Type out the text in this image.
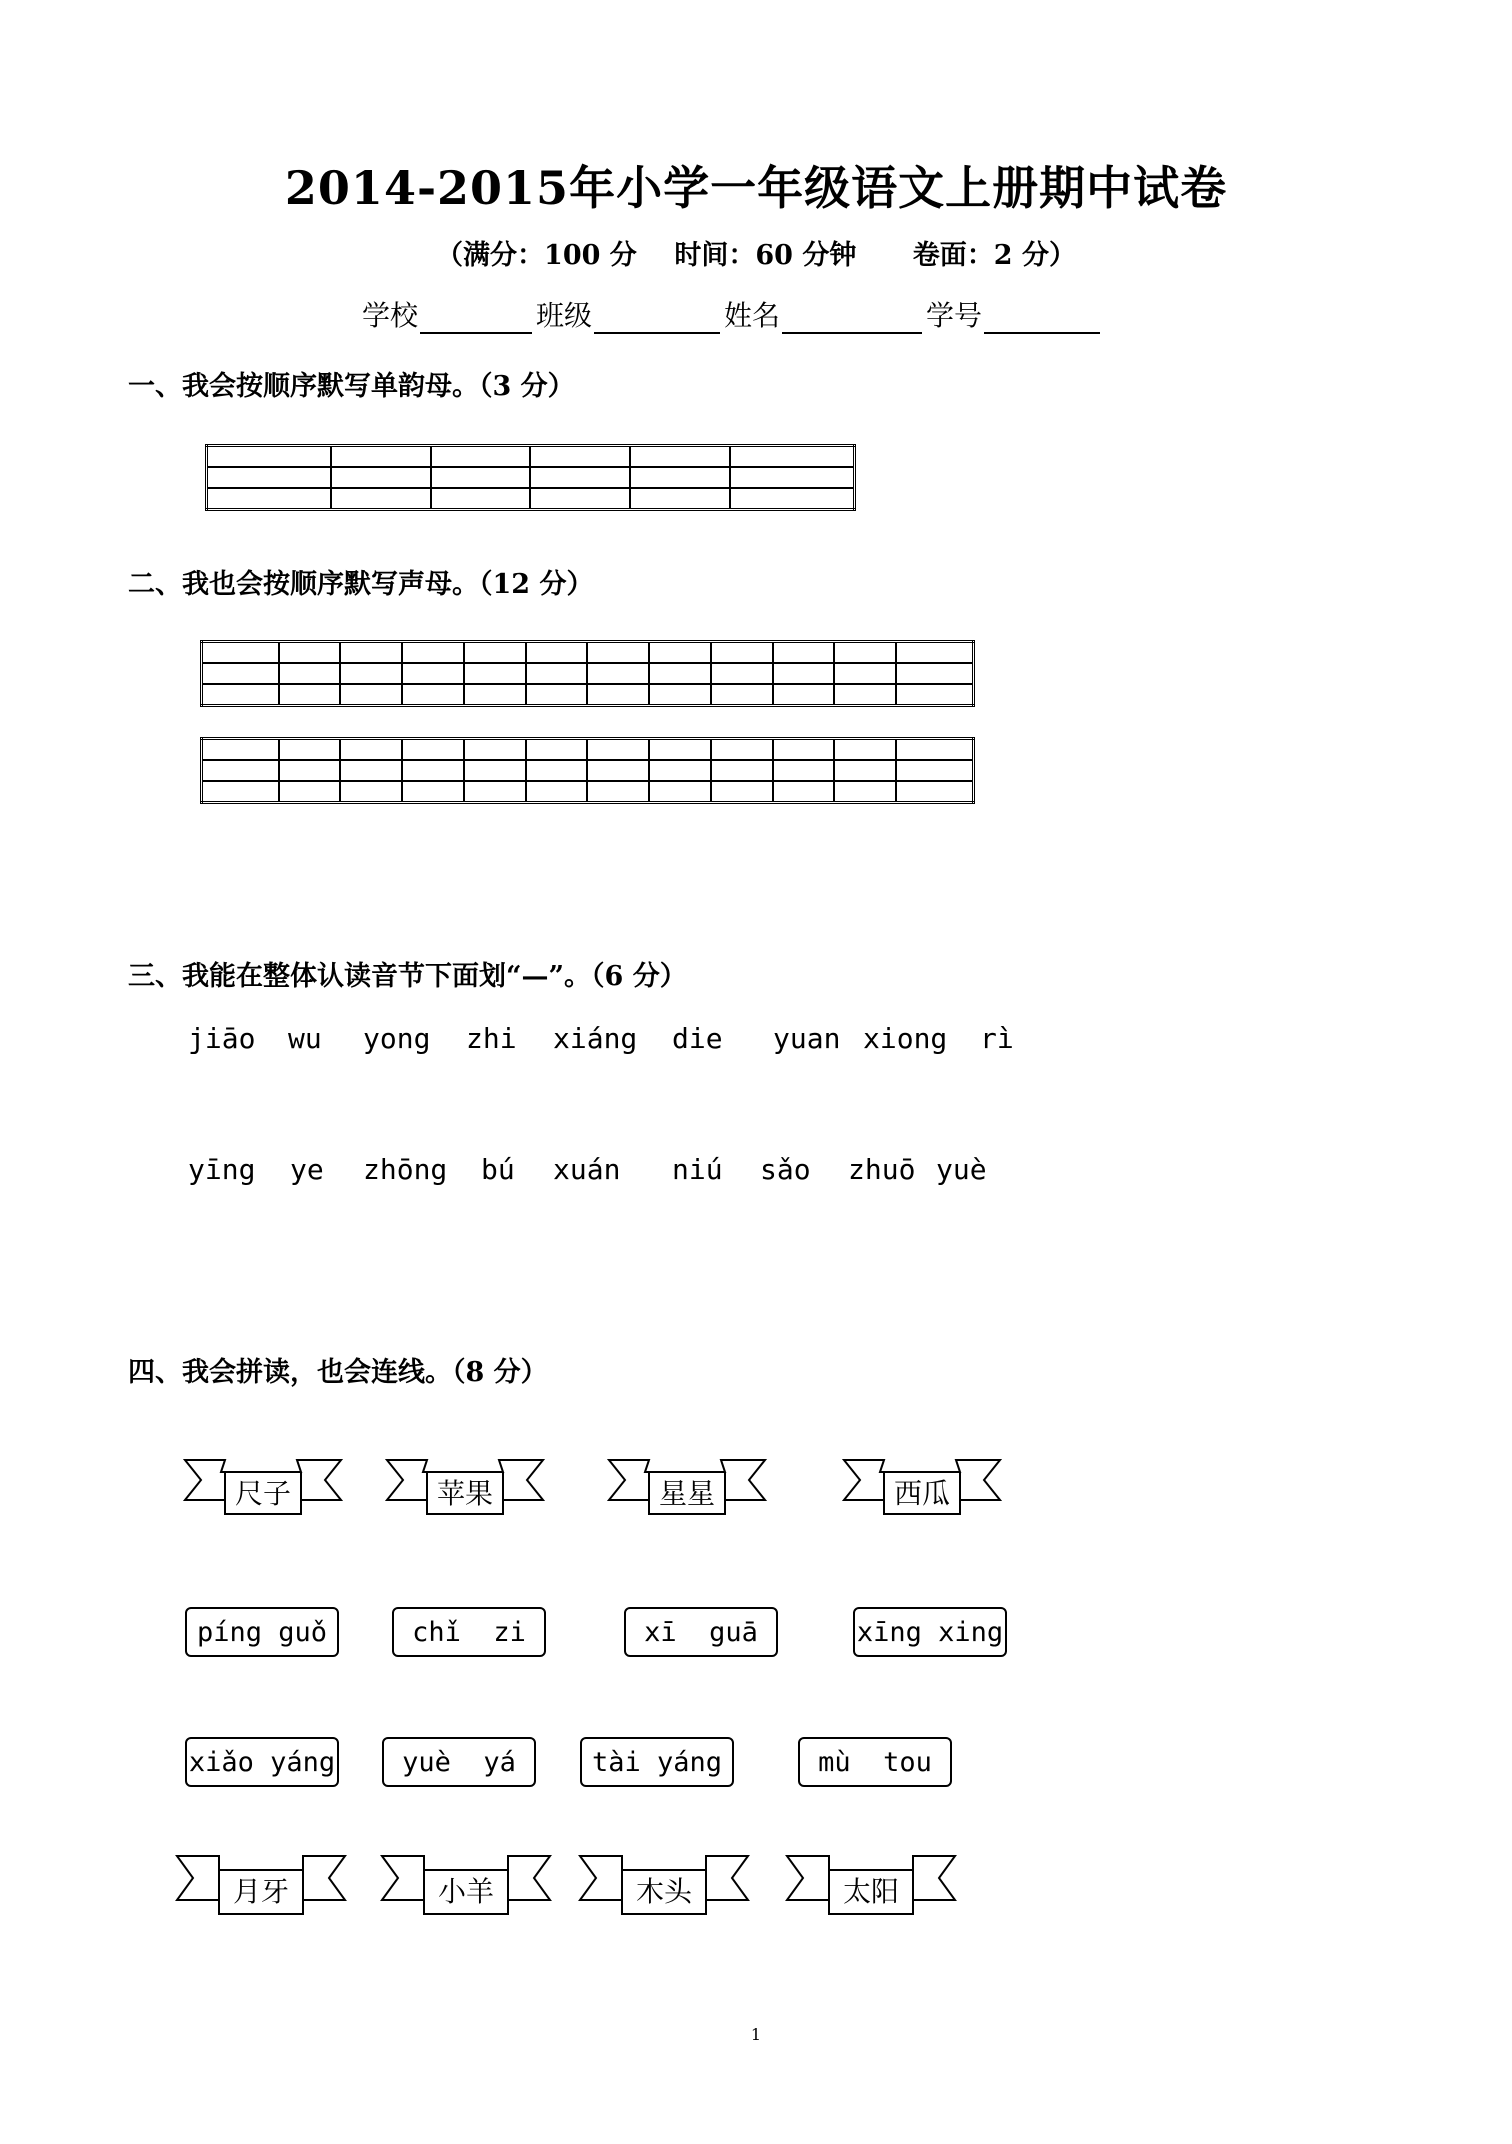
2014-2015年小学一年级语文上册期中试卷
（满分：100 分    时间：60 分钟      卷面：2 分）
学校	班级	姓名	学号
一、我会按顺序默写单韵母。（3 分）

二、我也会按顺序默写声母。（12 分）

三、我能在整体认读音节下面划“—”。（6 分）
jiāo wu yong zhi xiáng die yuan xiong rì
yīng ye zhōng bú xuán niú sǎo zhuō yuè
四、我会拼读，也会连线。（8 分）
尺子	苹果	星星	西瓜
píng guǒ	chǐ  zi	xī  guā	xīng xing
xiǎo yáng	yuè  yá	tài yáng	mù  tou
月牙	小羊	木头	太阳
1
